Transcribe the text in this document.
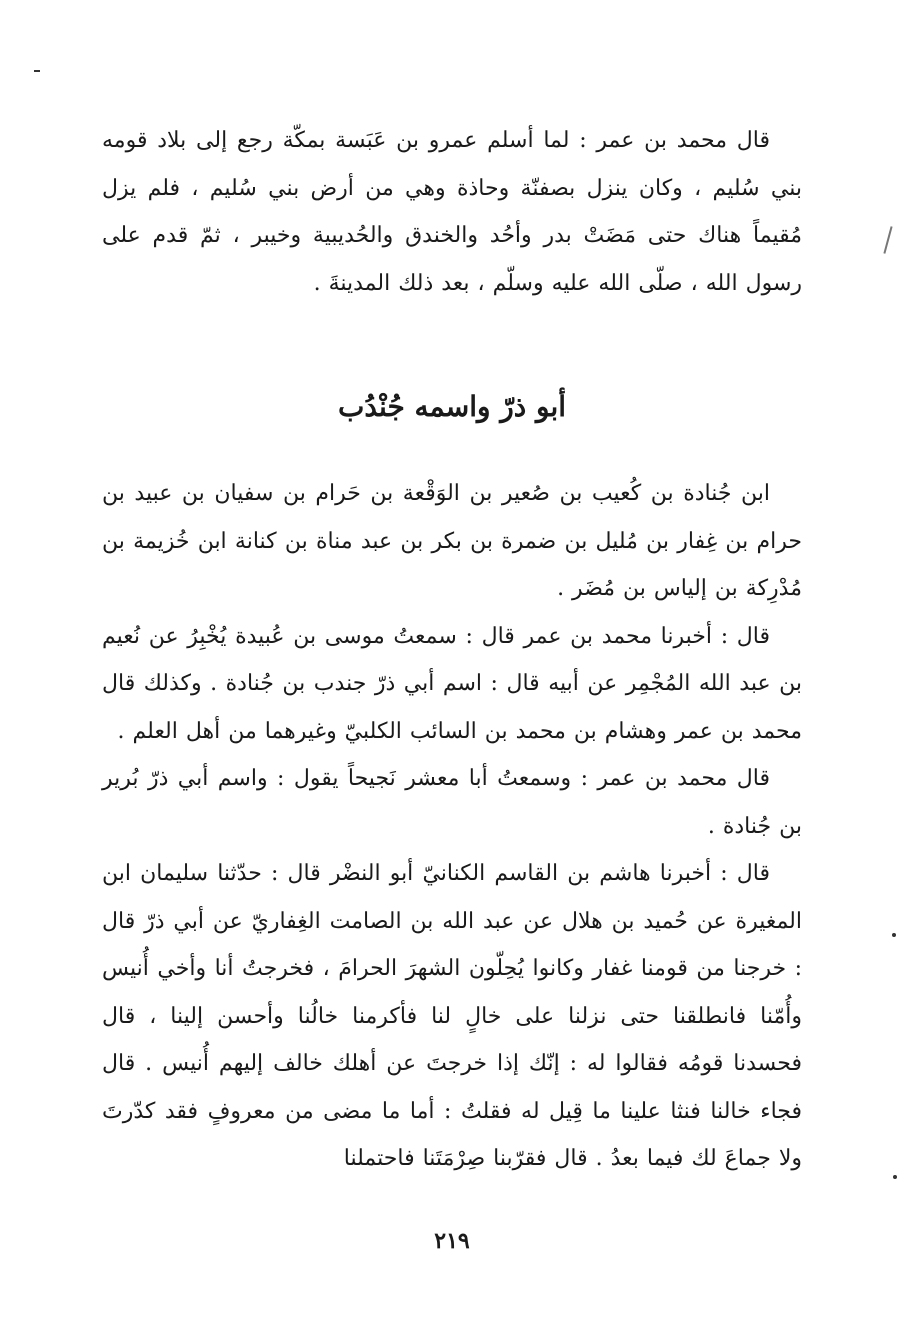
قال محمد بن عمر : لما أسلم عمرو بن عَبَسة بمكّة رجع إلى بلاد قومه بني سُليم ، وكان ينزل بصفنّة وحاذة وهي من أرض بني سُليم ، فلم يزل مُقيماً هناك حتى مَضَتْ بدر وأحُد والخندق والحُديبية وخيبر ، ثمّ قدم على رسول الله ، صلّى الله عليه وسلّم ، بعد ذلك المدينةَ .

أبو ذرّ واسمه جُنْدُب

ابن جُنادة بن كُعيب بن صُعير بن الوَقْعة بن حَرام بن سفيان بن عبيد بن حرام بن غِفار بن مُليل بن ضمرة بن بكر بن عبد مناة بن كنانة ابن خُزيمة بن مُدْرِكة بن إلياس بن مُضَر .

قال : أخبرنا محمد بن عمر قال : سمعتُ موسى بن عُبيدة يُخْبِرُ عن نُعيم بن عبد الله المُجْمِر عن أبيه قال : اسم أبي ذرّ جندب بن جُنادة . وكذلك قال محمد بن عمر وهشام بن محمد بن السائب الكلبيّ وغيرهما من أهل العلم .

قال محمد بن عمر : وسمعتُ أبا معشر نَجيحاً يقول : واسم أبي ذرّ بُرير بن جُنادة .

قال : أخبرنا هاشم بن القاسم الكنانيّ أبو النضْر قال : حدّثنا سليمان ابن المغيرة عن حُميد بن هلال عن عبد الله بن الصامت الغِفاريّ عن أبي ذرّ قال : خرجنا من قومنا غفار وكانوا يُحِلّون الشهرَ الحرامَ ، فخرجتُ أنا وأخي أُنيس وأُمّنا فانطلقنا حتى نزلنا على خالٍ لنا فأكرمنا خالُنا وأحسن إلينا ، قال فحسدنا قومُه فقالوا له : إنّك إذا خرجتَ عن أهلك خالف إليهم أُنيس . قال فجاء خالنا فنثا علينا ما قِيل له فقلتُ : أما ما مضى من معروفٍ فقد كدّرتَ ولا جماعَ لك فيما بعدُ . قال فقرّبنا صِرْمَتَنا فاحتملنا

٢١٩
